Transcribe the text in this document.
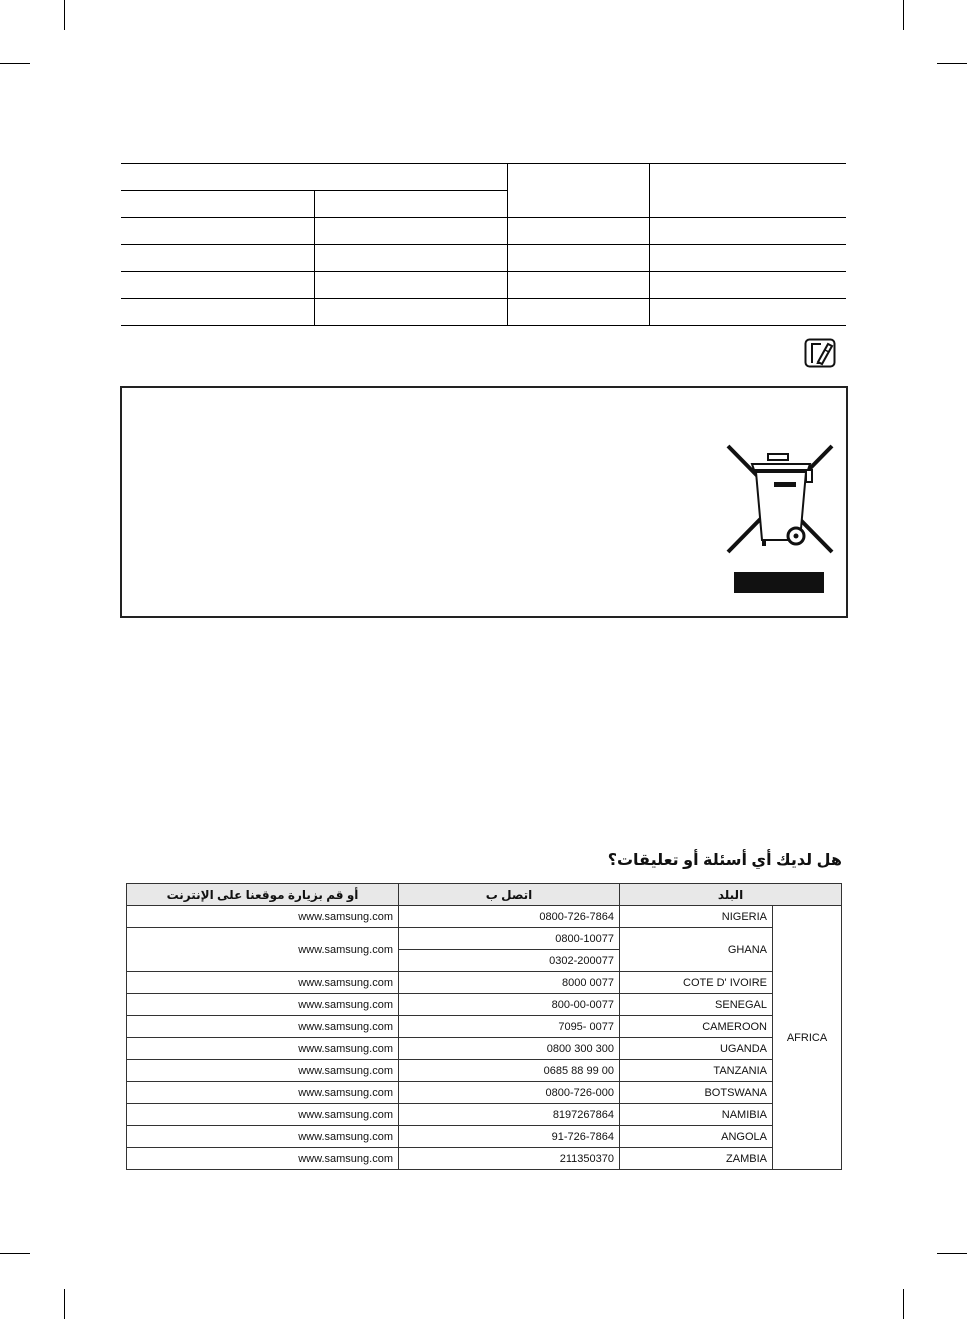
هل لديك أي أسئلة أو تعليقات؟
أو قم بزيارة موقعنا على الإنترنت	اتصل ب	البلد	
www.samsung.com	0800-726-7864	NIGERIA	AFRICA
www.samsung.com	0800-10077	GHANA	
	0302-200077		
www.samsung.com	8000 0077	COTE D' IVOIRE	
www.samsung.com	800-00-0077	SENEGAL	
www.samsung.com	7095- 0077	CAMEROON	
www.samsung.com	0800 300 300	UGANDA	
www.samsung.com	0685 88 99 00	TANZANIA	
www.samsung.com	0800-726-000	BOTSWANA	
www.samsung.com	8197267864	NAMIBIA	
www.samsung.com	91-726-7864	ANGOLA	
www.samsung.com	211350370	ZAMBIA	
